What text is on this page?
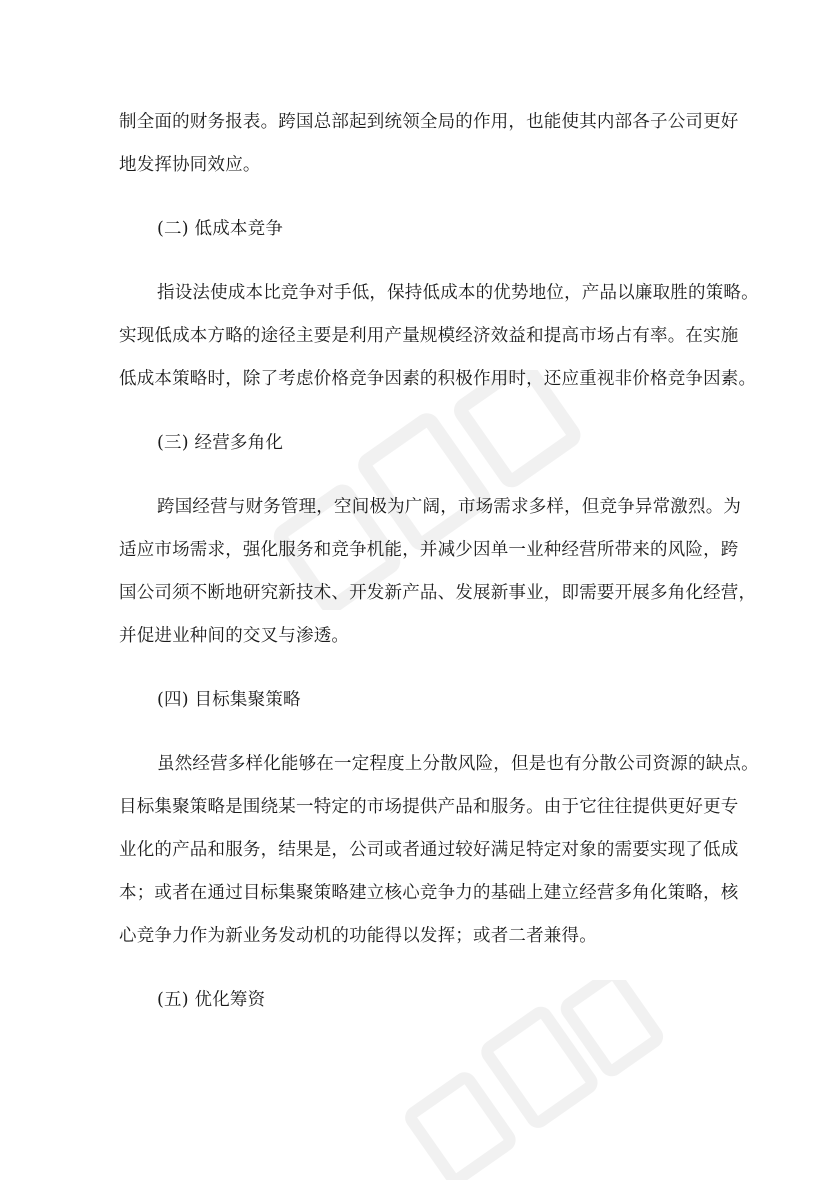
制全面的财务报表。跨国总部起到统领全局的作用，也能使其内部各子公司更好
地发挥协同效应。
(二) 低成本竞争
指设法使成本比竞争对手低，保持低成本的优势地位，产品以廉取胜的策略。
实现低成本方略的途径主要是利用产量规模经济效益和提高市场占有率。在实施
低成本策略时，除了考虑价格竞争因素的积极作用时，还应重视非价格竞争因素。
(三) 经营多角化
跨国经营与财务管理，空间极为广阔，市场需求多样，但竞争异常激烈。为
适应市场需求，强化服务和竞争机能，并减少因单一业种经营所带来的风险，跨
国公司须不断地研究新技术、开发新产品、发展新事业，即需要开展多角化经营，
并促进业种间的交叉与渗透。
(四) 目标集聚策略
虽然经营多样化能够在一定程度上分散风险，但是也有分散公司资源的缺点。
目标集聚策略是围绕某一特定的市场提供产品和服务。由于它往往提供更好更专
业化的产品和服务，结果是，公司或者通过较好满足特定对象的需要实现了低成
本；或者在通过目标集聚策略建立核心竞争力的基础上建立经营多角化策略，核
心竞争力作为新业务发动机的功能得以发挥；或者二者兼得。
(五) 优化筹资
